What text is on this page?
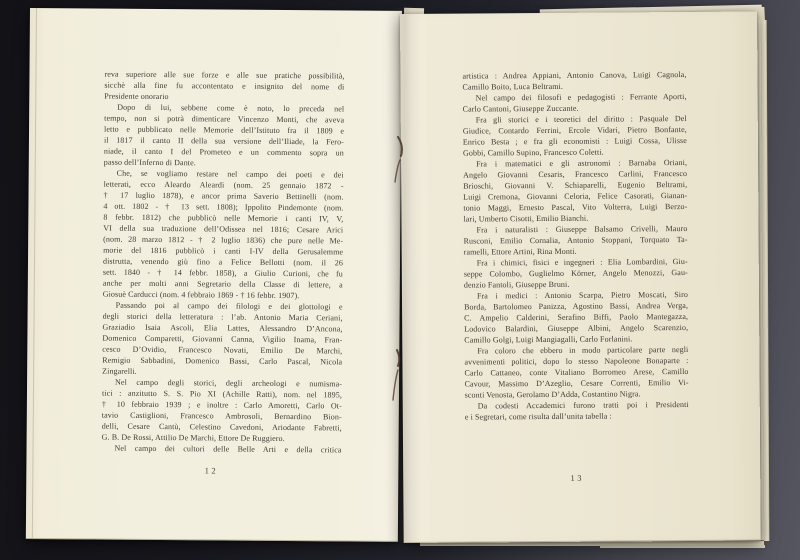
reva superiore alle sue forze e alle sue pratiche possibilità,
sicchè alla fine fu accontentato e insignito del nome di
Presidente onorario
Dopo di lui, sebbene come è noto, lo preceda nel
tempo, non si potrà dimenticare Vincenzo Monti, che aveva
letto e pubblicato nelle Memorie dell’Istituto fra il 1809 e
il 1817 il canto II della sua versione dell’Iliade, la Fero-
niade, il canto I del Prometeo e un commento sopra un
passo dell’Inferno di Dante.
Che, se vogliamo restare nel campo dei poeti e dei
letterati, ecco Aleardo Aleardi (nom. 25 gennaio 1872 -
† 17 luglio 1878), e ancor prima Saverio Bettinelli (nom.
4 ott. 1802 - † 13 sett. 1808); Ippolito Pindemonte (nom.
8 febbr. 1812) che pubblicò nelle Memorie i canti IV, V,
VI della sua traduzione dell’Odissea nel 1816; Cesare Arici
(nom. 28 marzo 1812 - † 2 luglio 1836) che pure nelle Me-
morie del 1816 pubblicò i canti I-IV della Gerusalemme
distrutta, venendo giù fino a Felice Bellotti (nom. il 26
sett. 1840 - † 14 febbr. 1858), a Giulio Curioni, che fu
anche per molti anni Segretario della Classe di lettere, a
Giosuè Carducci (nom. 4 febbraio 1869 - † 16 febbr. 1907).
Passando poi al campo dei filologi e dei glottologi e
degli storici della letteratura : l’ab. Antonio Maria Ceriani,
Graziadio Isaia Ascoli, Elia Lattes, Alessandro D’Ancona,
Domenico Comparetti, Giovanni Canna, Vigilio Inama, Fran-
cesco D’Ovidio, Francesco Novati, Emilio De Marchi,
Remigio Sabbadini, Domenico Bassi, Carlo Pascal, Nicola
Zingarelli.
Nel campo degli storici, degli archeologi e numisma-
tici : anzitutto S. S. Pio XI (Achille Ratti), nom. nel 1895,
† 10 febbraio 1939 ; e inoltre : Carlo Amoretti, Carlo Ot-
tavio Castiglioni, Francesco Ambrosoli, Bernardino Bion-
delli, Cesare Cantù, Celestino Cavedoni, Ariodante Fabretti,
G. B. De Rossi, Attilio De Marchi, Ettore De Ruggiero.
Nel campo dei cultori delle Belle Arti e della critica
12
artistica : Andrea Appiani, Antonio Canova, Luigi Cagnola,
Camillo Boito, Luca Beltrami.
Nel campo dei filosofi e pedagogisti : Ferrante Aporti,
Carlo Cantoni, Giuseppe Zuccante.
Fra gli storici e i teoretici del diritto : Pasquale Del
Giudice, Contardo Ferrini, Ercole Vidari, Pietro Bonfante,
Enrico Besta ; e fra gli economisti : Luigi Cossa, Ulisse
Gobbi, Camillo Supino, Francesco Coletti.
Fra i matematici e gli astronomi : Barnaba Oriani,
Angelo Giovanni Cesaris, Francesco Carlini, Francesco
Brioschi, Giovanni V. Schiaparelli, Eugenio Beltrami,
Luigi Cremona, Giovanni Celoria, Felice Casorati, Gianan-
tonio Maggi, Ernesto Pascal, Vito Volterra, Luigi Berzo-
lari, Umberto Cisotti, Emilio Bianchi.
Fra i naturalisti : Giuseppe Balsamo Crivelli, Mauro
Rusconi, Emilio Cornalia, Antonio Stoppani, Torquato Ta-
ramelli, Ettore Artini, Rina Monti.
Fra i chimici, fisici e ingegneri : Elia Lombardini, Giu-
seppe Colombo, Guglielmo Körner, Angelo Menozzi, Gau-
denzio Fantoli, Giuseppe Bruni.
Fra i medici : Antonio Scarpa, Pietro Moscati, Siro
Borda, Bartolomeo Panizza, Agostino Bassi, Andrea Verga,
C. Ampelio Calderini, Serafino Biffi, Paolo Mantegazza,
Lodovico Balardini, Giuseppe Albini, Angelo Scarenzio,
Camillo Golgi, Luigi Mangiagalli, Carlo Forlanini.
Fra coloro che ebbero in modo particolare parte negli
avvenimenti politici, dopo lo stesso Napoleone Bonaparte :
Carlo Cattaneo, conte Vitaliano Borromeo Arese, Camillo
Cavour, Massimo D’Azeglio, Cesare Correnti, Emilio Vi-
sconti Venosta, Gerolamo D’Adda, Costantino Nigra.
Da codesti Accademici furono tratti poi i Presidenti
e i Segretari, come risulta dall’unita tabella :
13
